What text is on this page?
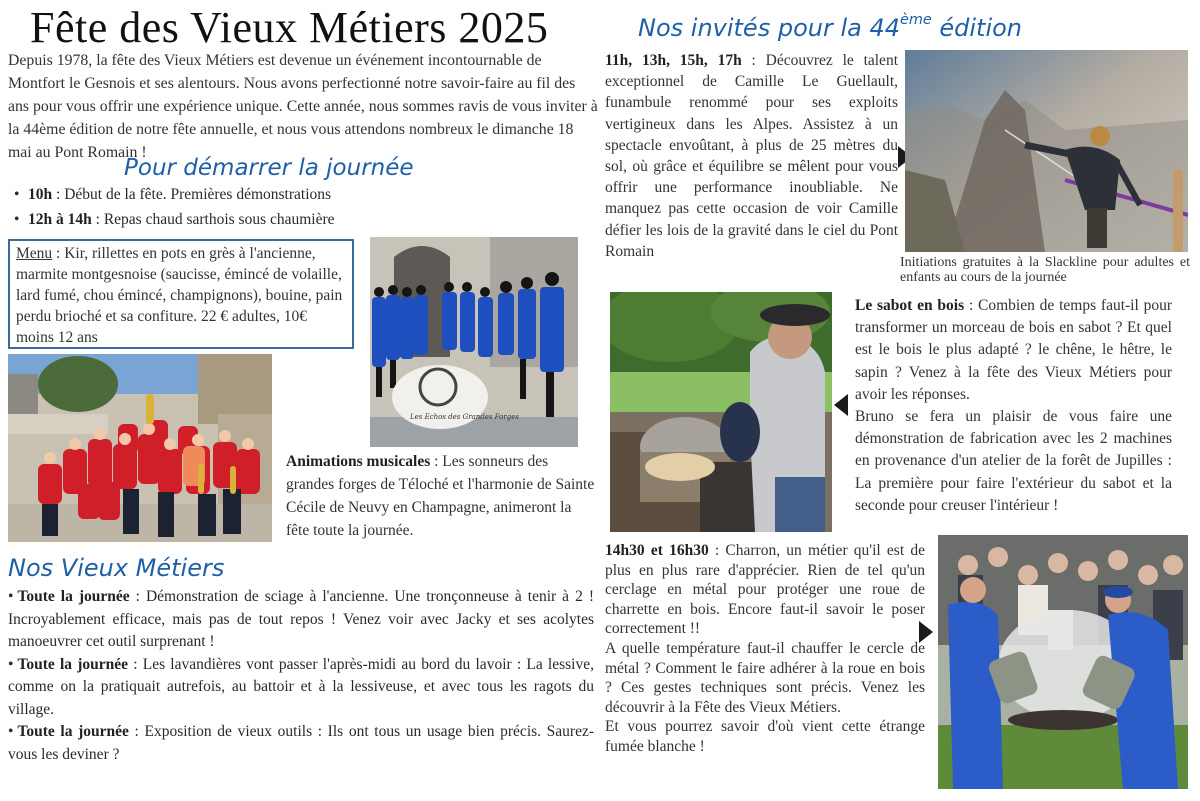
Fête des Vieux Métiers 2025

Depuis 1978, la fête des Vieux Métiers est devenue un événement incontournable de Montfort le Gesnois et ses alentours. Nous avons perfectionné notre savoir-faire au fil des ans pour vous offrir une expérience unique. Cette année, nous sommes ravis de vous inviter à la 44ème édition de notre fête annuelle, et nous vous attendons nombreux le dimanche 18 mai au Pont Romain !

Pour démarrer la journée
• 10h : Début de la fête. Premières démonstrations
• 12h à 14h : Repas chaud sarthois sous chaumière
Menu : Kir, rillettes en pots en grès à l'ancienne, marmite montgesnoise (saucisse, émincé de volaille, lard fumé, chou émincé, champignons), bouine, pain perdu brioché et sa confiture. 22 € adultes, 10€ moins 12 ans
Les Echos des Grandes Forges

Animations musicales : Les sonneurs des grandes forges de Téloché et l'harmonie de Sainte Cécile de Neuvy en Champagne, animeront la fête toute la journée.

Nos Vieux Métiers

• Toute la journée : Démonstration de sciage à l'ancienne. Une tronçonneuse à tenir à 2 ! Incroyablement efficace, mais pas de tout repos ! Venez voir avec Jacky et ses acolytes manoeuvrer cet outil surprenant !

• Toute la journée : Les lavandières vont passer l'après-midi au bord du lavoir : La lessive, comme on la pratiquait autrefois, au battoir et à la lessiveuse, et avec tous les ragots du village.

• Toute la journée : Exposition de vieux outils : Ils ont tous un usage bien précis. Saurez-vous les deviner ?

Nos invités pour la 44ème édition

11h, 13h, 15h, 17h : Découvrez le talent exceptionnel de Camille Le Guellault, funambule renommé pour ses exploits vertigineux dans les Alpes. Assistez à un spectacle envoûtant, à plus de 25 mètres du sol, où grâce et équilibre se mêlent pour vous offrir une performance inoubliable. Ne manquez pas cette occasion de voir Camille défier les lois de la gravité dans le ciel du Pont Romain

Initiations gratuites à la Slackline pour adultes et enfants au cours de la journée

Le sabot en bois : Combien de temps faut-il pour transformer un morceau de bois en sabot ? Et quel est le bois le plus adapté ? le chêne, le hêtre, le sapin ? Venez à la fête des Vieux Métiers pour avoir les réponses.

Bruno se fera un plaisir de vous faire une démonstration de fabrication avec les 2 machines en provenance d'un atelier de la forêt de Jupilles : La première pour faire l'extérieur du sabot et la seconde pour creuser l'intérieur !

14h30 et 16h30 : Charron, un métier qu'il est de plus en plus rare d'apprécier. Rien de tel qu'un cerclage en métal pour protéger une roue de charrette en bois. Encore faut-il savoir le poser correctement !!

A quelle température faut-il chauffer le cercle de métal ? Comment le faire adhérer à la roue en bois ? Ces gestes techniques sont précis. Venez les découvrir à la Fête des Vieux Métiers.

Et vous pourrez savoir d'où vient cette étrange fumée blanche !
